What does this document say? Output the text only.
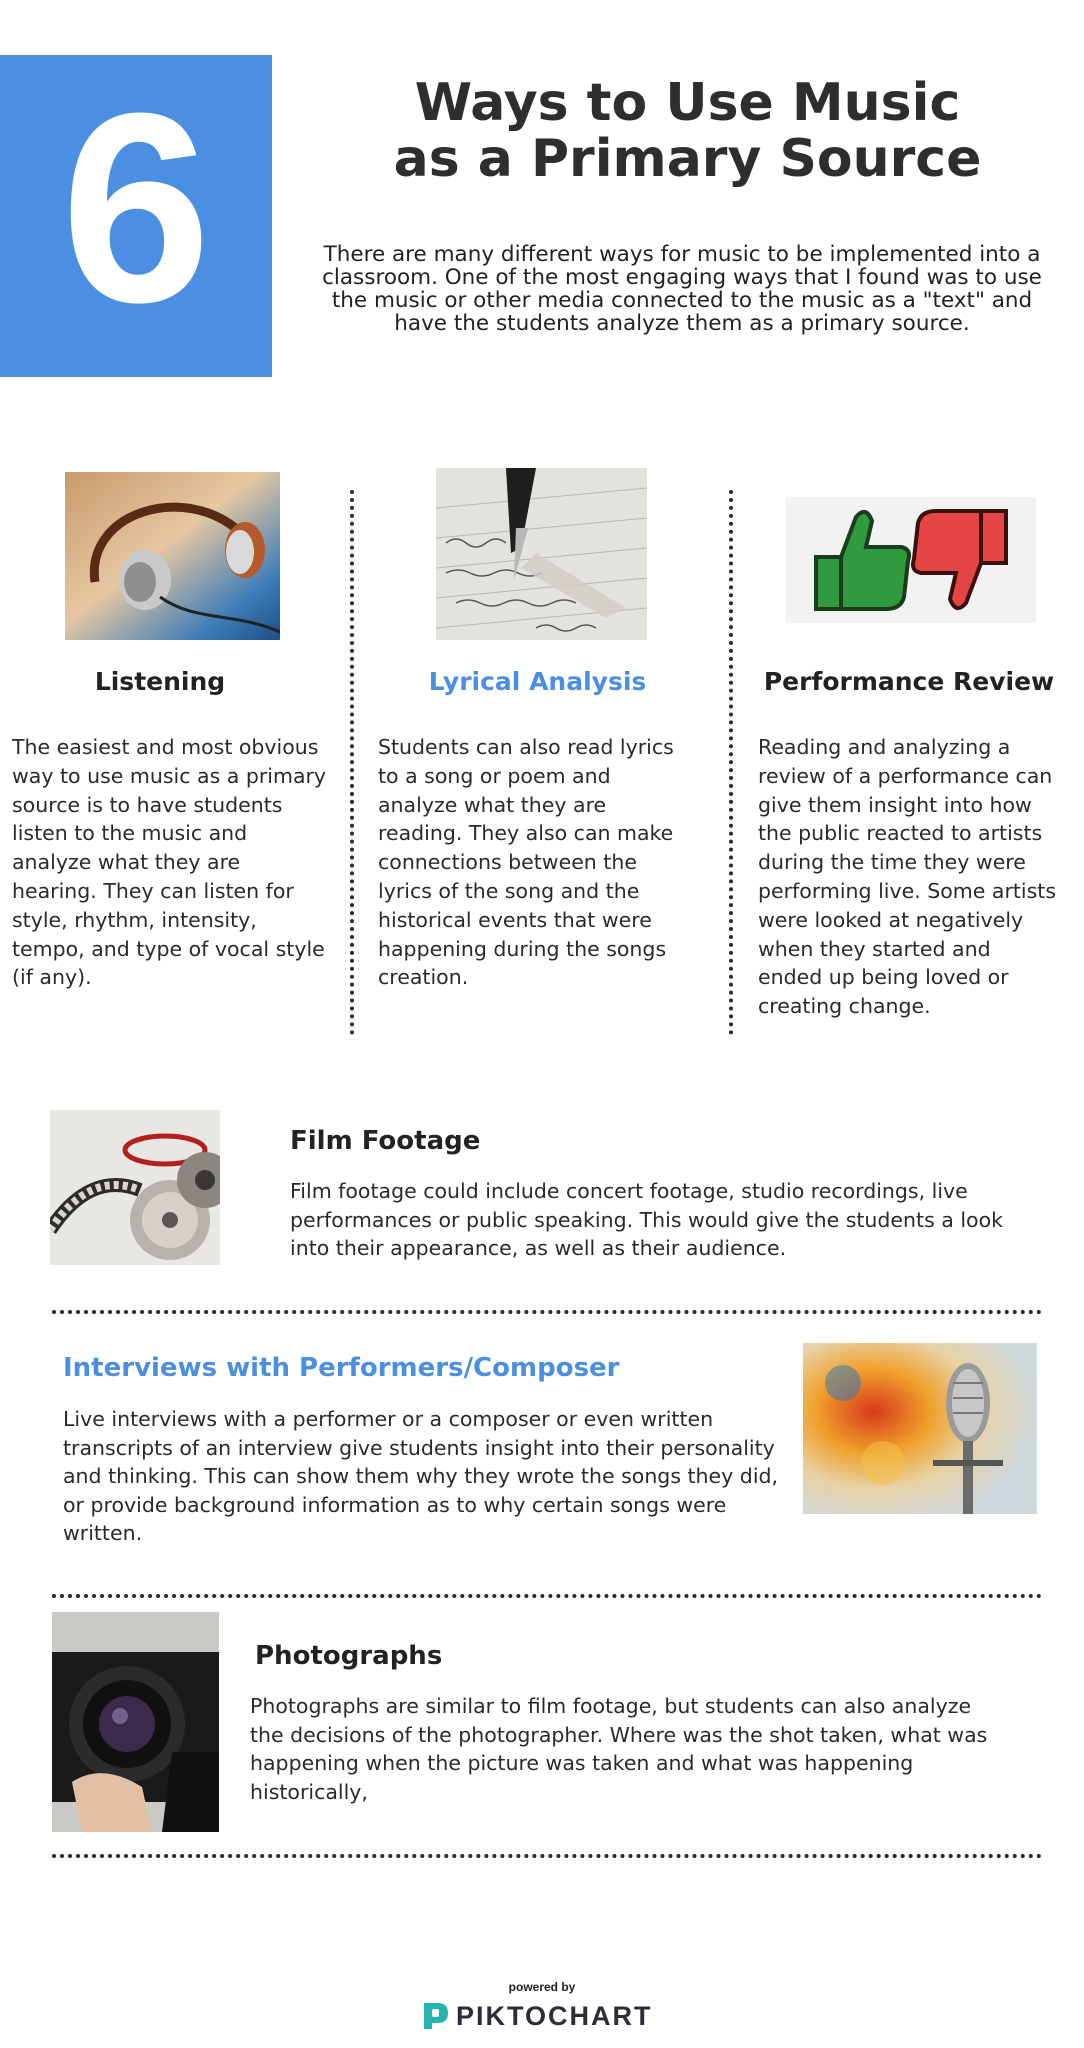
6	Ways to Use Music
as a Primary Source
There are many different ways for music to be implemented into a classroom. One of the most engaging ways that I found was to use the music or other media connected to the music as a "text" and have the students analyze them as a primary source.
Listening	Lyrical Analysis	Performance Review
The easiest and most obvious way to use music as a primary source is to have students listen to the music and analyze what they are hearing. They can listen for style, rhythm, intensity, tempo, and type of vocal style (if any).
Students can also read lyrics to a song or poem and analyze what they are reading. They also can make connections between the lyrics of the song and the historical events that were happening during the songs creation.
Reading and analyzing a review of a performance can give them insight into how the public reacted to artists during the time they were performing live. Some artists were looked at negatively when they started and ended up being loved or creating change.
Film Footage
Film footage could include concert footage, studio recordings, live performances or public speaking. This would give the students a look into their appearance, as well as their audience.
Interviews with Performers/Composer
Live interviews with a performer or a composer or even written transcripts of an interview give students insight into their personality and thinking. This can show them why they wrote the songs they did, or provide background information as to why certain songs were written.
Photographs
Photographs are similar to film footage, but students can also analyze the decisions of the photographer. Where was the shot taken, what was happening when the picture was taken and what was happening historically,
powered by
PIKTOCHART
